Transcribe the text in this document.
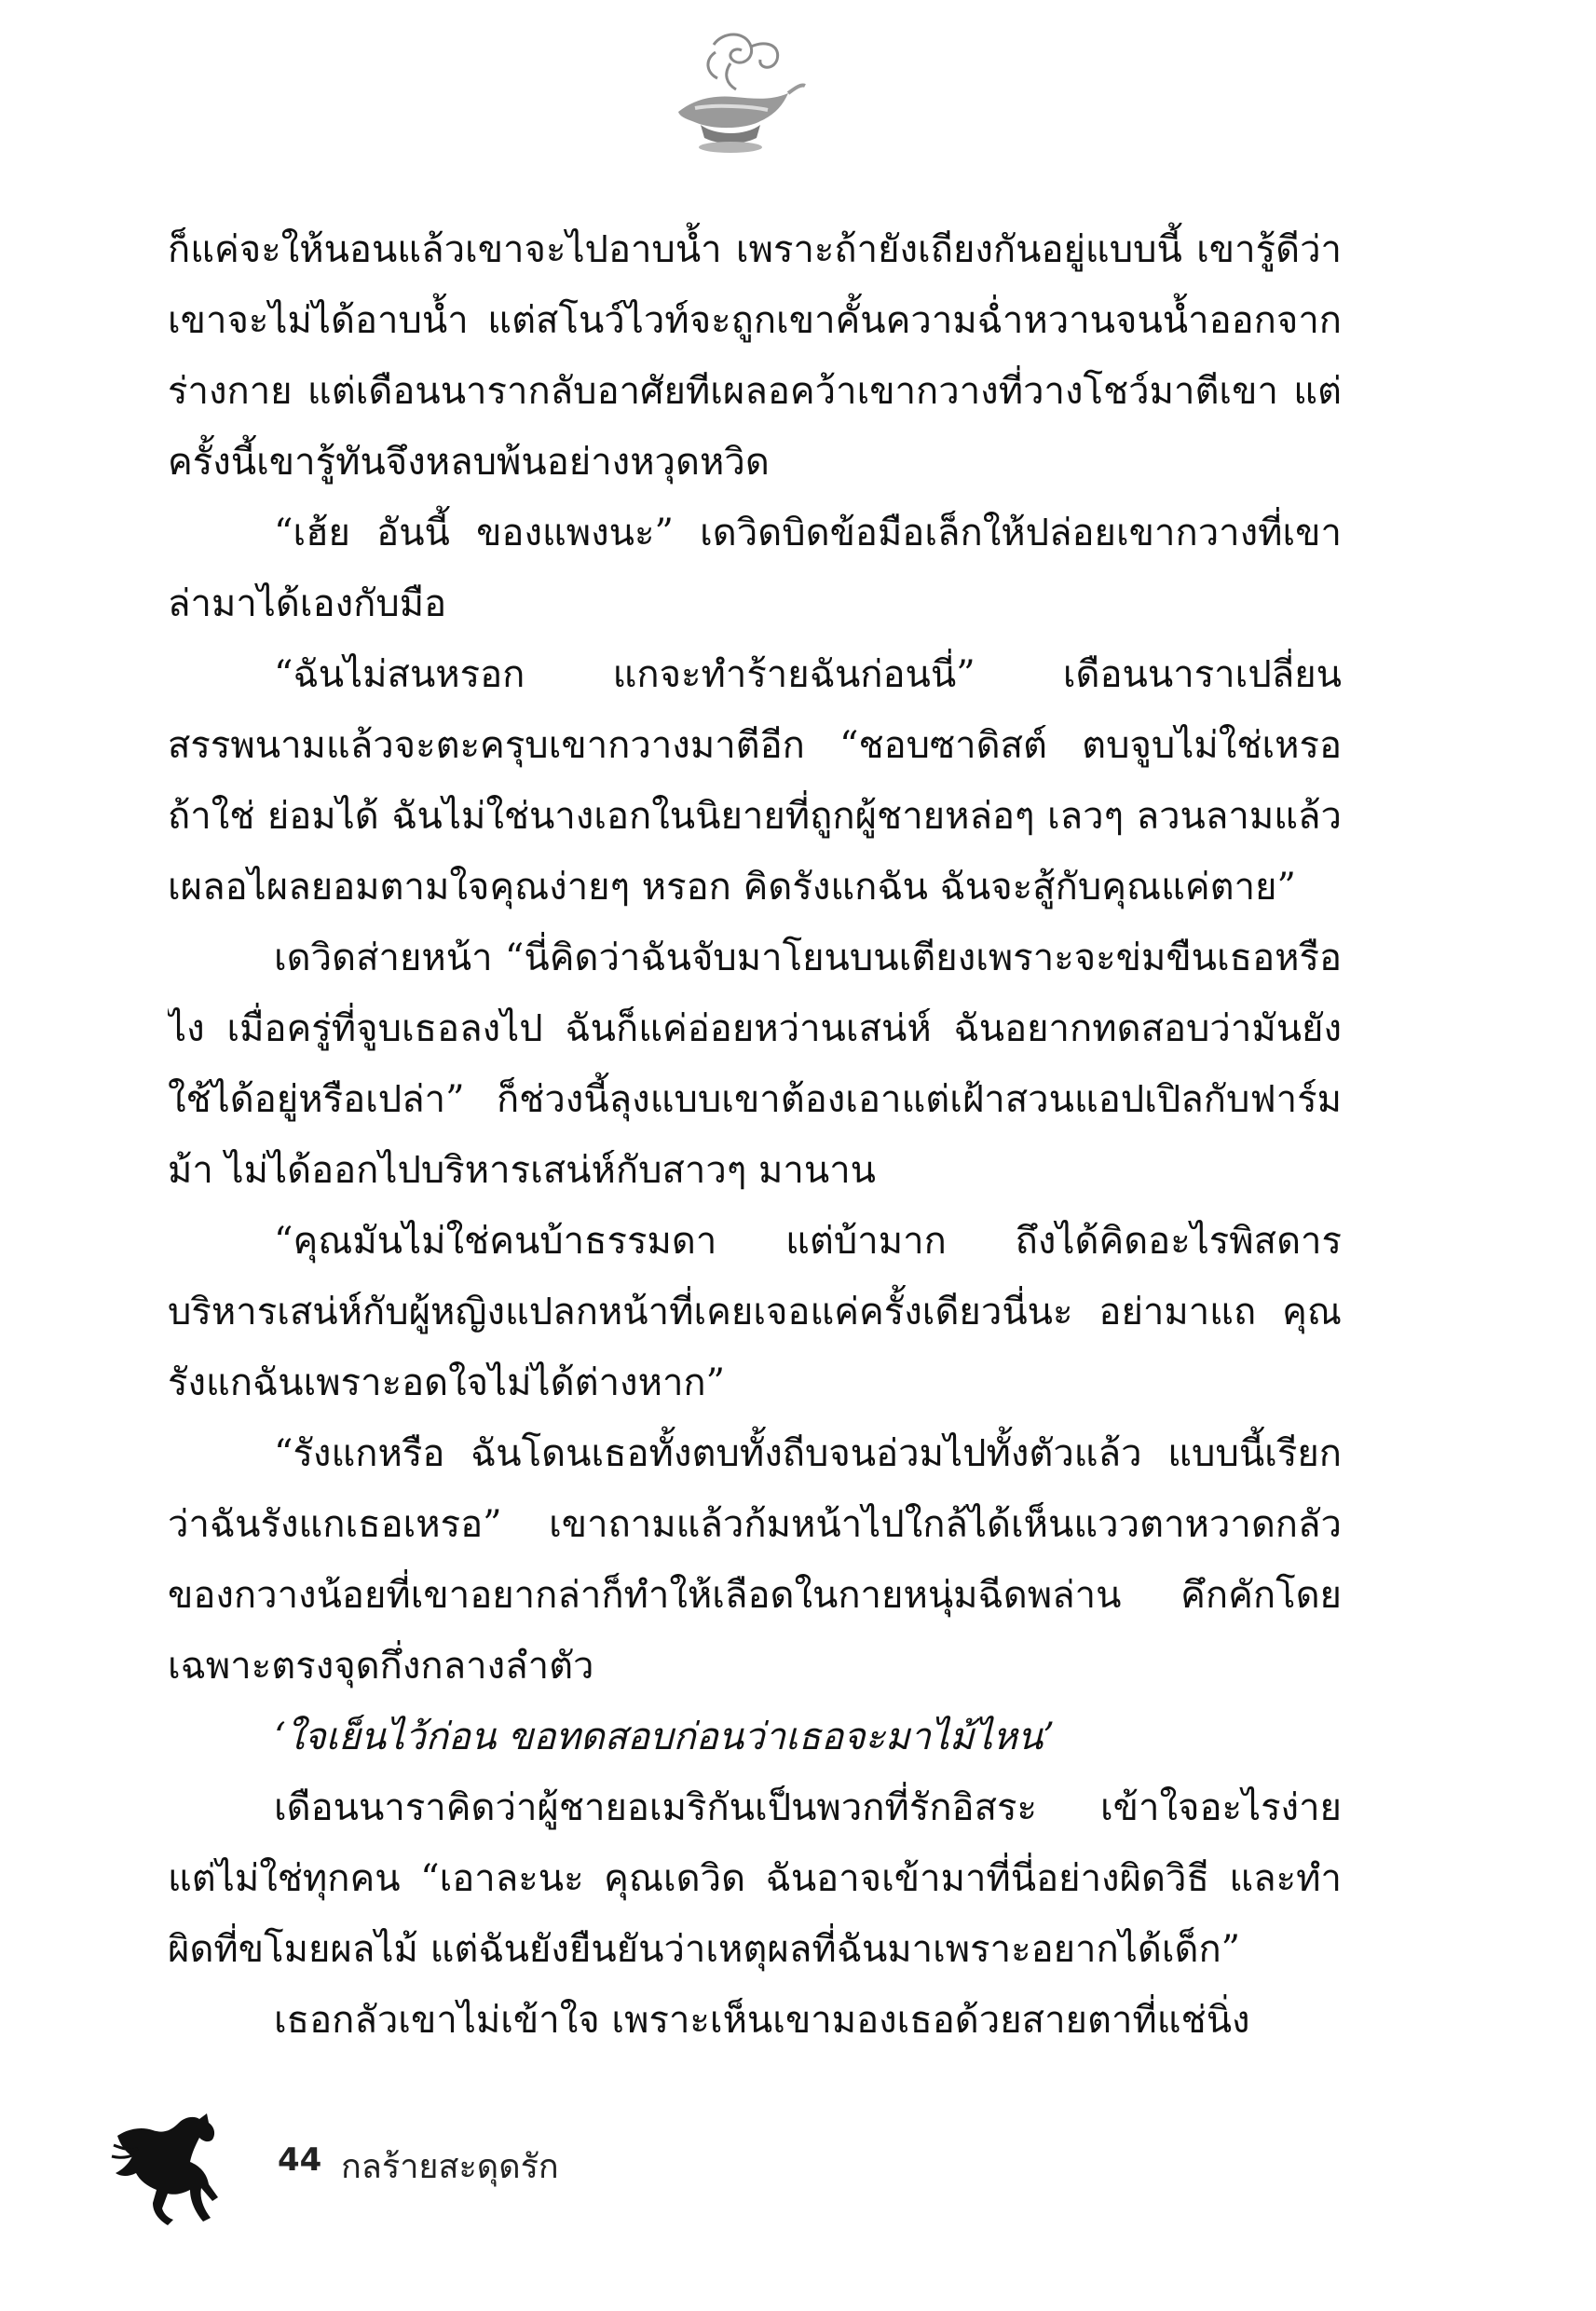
ก็แค่จะให้นอนแล้วเขาจะไปอาบน้ำ เพราะถ้ายังเถียงกันอยู่แบบนี้ เขารู้ดีว่าเขาจะไม่ได้อาบน้ำ แต่สโนว์ไวท์จะถูกเขาคั้นความฉ่ำหวานจนน้ำออกจากร่างกาย แต่เดือนนารากลับอาศัยทีเผลอคว้าเขากวางที่วางโชว์มาตีเขา แต่ครั้งนี้เขารู้ทันจึงหลบพ้นอย่างหวุดหวิด

“เฮ้ย อันนี้ ของแพงนะ” เดวิดบิดข้อมือเล็กให้ปล่อยเขากวางที่เขาล่ามาได้เองกับมือ

“ฉันไม่สนหรอก แกจะทำร้ายฉันก่อนนี่” เดือนนาราเปลี่ยนสรรพนามแล้วจะตะครุบเขากวางมาตีอีก “ชอบซาดิสต์ ตบจูบไม่ใช่เหรอ ถ้าใช่ ย่อมได้ ฉันไม่ใช่นางเอกในนิยายที่ถูกผู้ชายหล่อๆ เลวๆ ลวนลามแล้วเผลอไผลยอมตามใจคุณง่ายๆ หรอก คิดรังแกฉัน ฉันจะสู้กับคุณแค่ตาย”

เดวิดส่ายหน้า “นี่คิดว่าฉันจับมาโยนบนเตียงเพราะจะข่มขืนเธอหรือไง เมื่อครู่ที่จูบเธอลงไป ฉันก็แค่อ่อยหว่านเสน่ห์ ฉันอยากทดสอบว่ามันยังใช้ได้อยู่หรือเปล่า” ก็ช่วงนี้ลุงแบบเขาต้องเอาแต่เฝ้าสวนแอปเปิลกับฟาร์มม้า ไม่ได้ออกไปบริหารเสน่ห์กับสาวๆ มานาน

“คุณมันไม่ใช่คนบ้าธรรมดา แต่บ้ามาก ถึงได้คิดอะไรพิสดาร บริหารเสน่ห์กับผู้หญิงแปลกหน้าที่เคยเจอแค่ครั้งเดียวนี่นะ อย่ามาแถ คุณรังแกฉันเพราะอดใจไม่ได้ต่างหาก”

“รังแกหรือ ฉันโดนเธอทั้งตบทั้งถีบจนอ่วมไปทั้งตัวแล้ว แบบนี้เรียกว่าฉันรังแกเธอเหรอ” เขาถามแล้วก้มหน้าไปใกล้ได้เห็นแววตาหวาดกลัวของกวางน้อยที่เขาอยากล่าก็ทำให้เลือดในกายหนุ่มฉีดพล่าน คึกคักโดยเฉพาะตรงจุดกึ่งกลางลำตัว

‘ใจเย็นไว้ก่อน ขอทดสอบก่อนว่าเธอจะมาไม้ไหน’

เดือนนาราคิดว่าผู้ชายอเมริกันเป็นพวกที่รักอิสระ เข้าใจอะไรง่าย แต่ไม่ใช่ทุกคน “เอาละนะ คุณเดวิด ฉันอาจเข้ามาที่นี่อย่างผิดวิธี และทำผิดที่ขโมยผลไม้ แต่ฉันยังยืนยันว่าเหตุผลที่ฉันมาเพราะอยากได้เด็ก”

เธอกลัวเขาไม่เข้าใจ เพราะเห็นเขามองเธอด้วยสายตาที่แช่นิ่ง

44 กลร้ายสะดุดรัก
